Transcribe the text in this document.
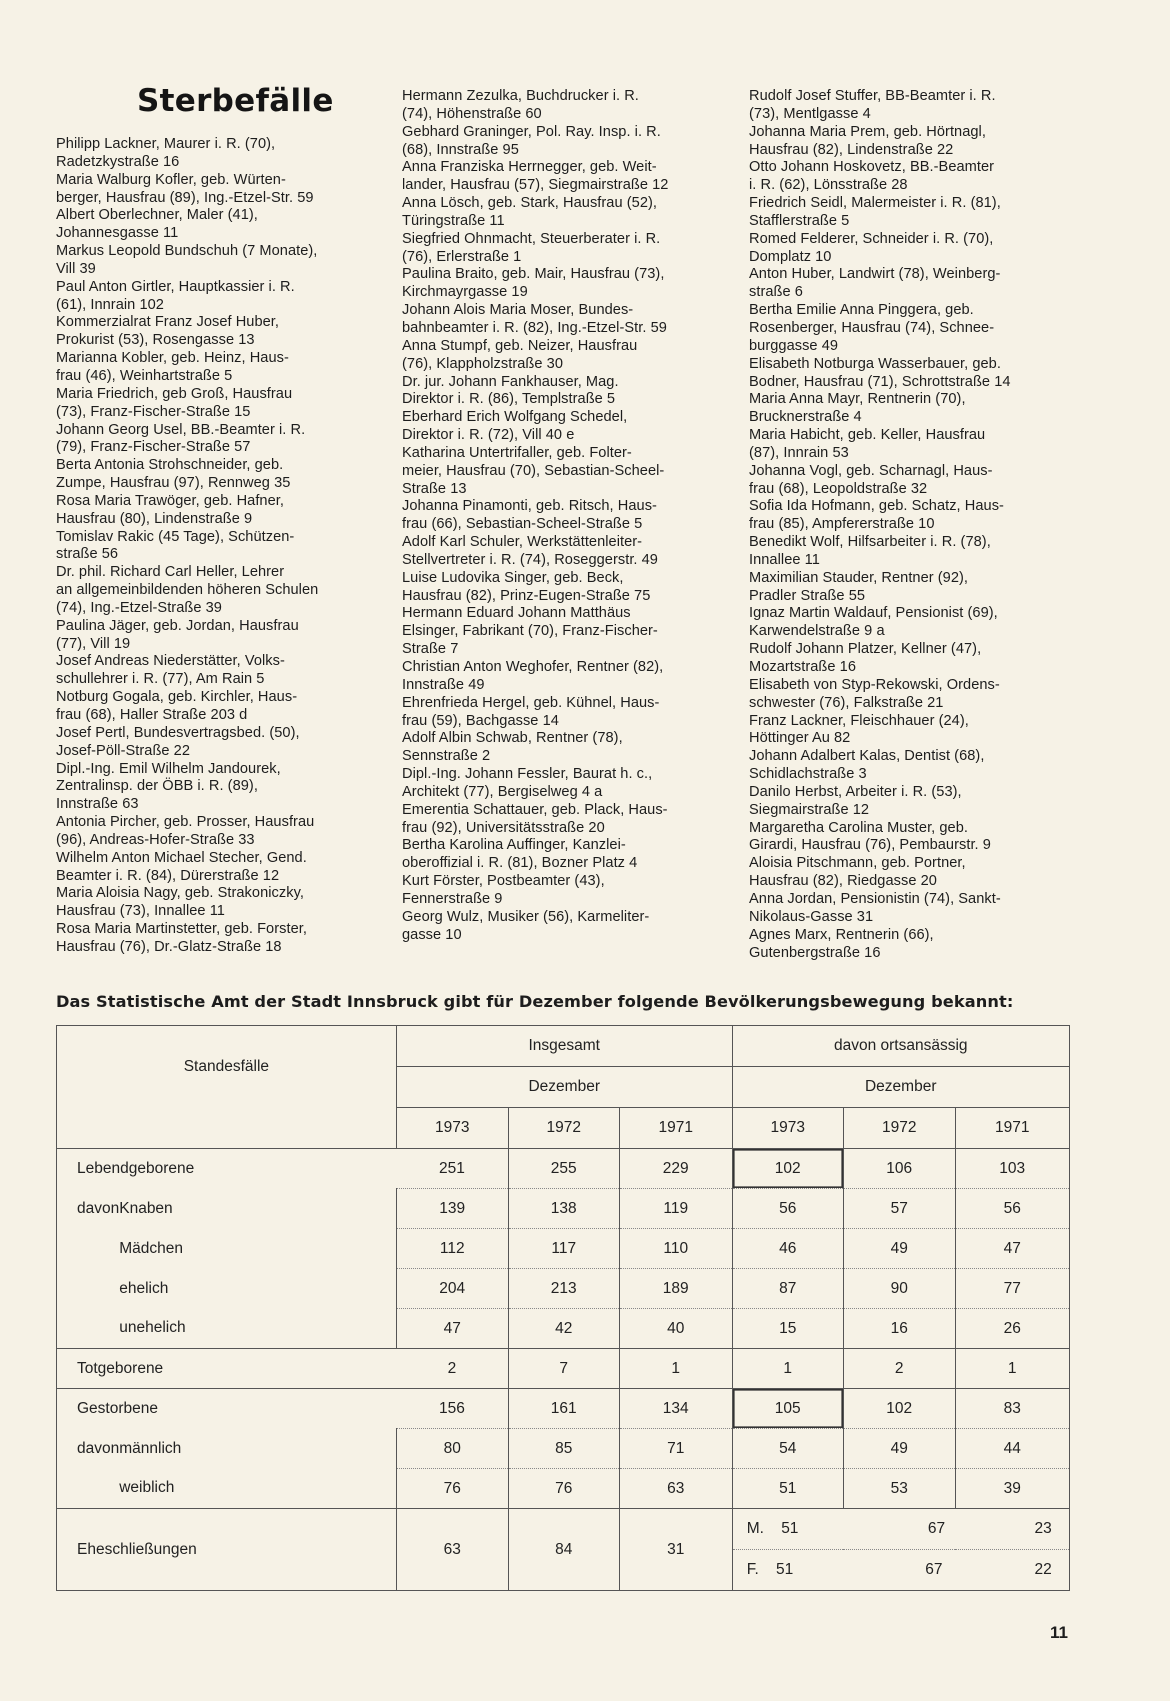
Sterbefälle
Philipp Lackner, Maurer i. R. (70),
Radetzkystraße 16
Maria Walburg Kofler, geb. Würten-
berger, Hausfrau (89), Ing.-Etzel-Str. 59
Albert Oberlechner, Maler (41),
Johannesgasse 11
Markus Leopold Bundschuh (7 Monate),
Vill 39
Paul Anton Girtler, Hauptkassier i. R.
(61), Innrain 102
Kommerzialrat Franz Josef Huber,
Prokurist (53), Rosengasse 13
Marianna Kobler, geb. Heinz, Haus-
frau (46), Weinhartstraße 5
Maria Friedrich, geb Groß, Hausfrau
(73), Franz-Fischer-Straße 15
Johann Georg Usel, BB.-Beamter i. R.
(79), Franz-Fischer-Straße 57
Berta Antonia Strohschneider, geb.
Zumpe, Hausfrau (97), Rennweg 35
Rosa Maria Trawöger, geb. Hafner,
Hausfrau (80), Lindenstraße 9
Tomislav Rakic (45 Tage), Schützen-
straße 56
Dr. phil. Richard Carl Heller, Lehrer
an allgemeinbildenden höheren Schulen
(74), Ing.-Etzel-Straße 39
Paulina Jäger, geb. Jordan, Hausfrau
(77), Vill 19
Josef Andreas Niederstätter, Volks-
schullehrer i. R. (77), Am Rain 5
Notburg Gogala, geb. Kirchler, Haus-
frau (68), Haller Straße 203 d
Josef Pertl, Bundesvertragsbed. (50),
Josef-Pöll-Straße 22
Dipl.-Ing. Emil Wilhelm Jandourek,
Zentralinsp. der ÖBB i. R. (89),
Innstraße 63
Antonia Pircher, geb. Prosser, Hausfrau
(96), Andreas-Hofer-Straße 33
Wilhelm Anton Michael Stecher, Gend.
Beamter i. R. (84), Dürerstraße 12
Maria Aloisia Nagy, geb. Strakoniczky,
Hausfrau (73), Innallee 11
Rosa Maria Martinstetter, geb. Forster,
Hausfrau (76), Dr.-Glatz-Straße 18
Hermann Zezulka, Buchdrucker i. R.
(74), Höhenstraße 60
Gebhard Graninger, Pol. Ray. Insp. i. R.
(68), Innstraße 95
Anna Franziska Herrnegger, geb. Weit-
lander, Hausfrau (57), Siegmairstraße 12
Anna Lösch, geb. Stark, Hausfrau (52),
Türingstraße 11
Siegfried Ohnmacht, Steuerberater i. R.
(76), Erlerstraße 1
Paulina Braito, geb. Mair, Hausfrau (73),
Kirchmayrgasse 19
Johann Alois Maria Moser, Bundes-
bahnbeamter i. R. (82), Ing.-Etzel-Str. 59
Anna Stumpf, geb. Neizer, Hausfrau
(76), Klappholzstraße 30
Dr. jur. Johann Fankhauser, Mag.
Direktor i. R. (86), Templstraße 5
Eberhard Erich Wolfgang Schedel,
Direktor i. R. (72), Vill 40 e
Katharina Untertrifaller, geb. Folter-
meier, Hausfrau (70), Sebastian-Scheel-
Straße 13
Johanna Pinamonti, geb. Ritsch, Haus-
frau (66), Sebastian-Scheel-Straße 5
Adolf Karl Schuler, Werkstättenleiter-
Stellvertreter i. R. (74), Roseggerstr. 49
Luise Ludovika Singer, geb. Beck,
Hausfrau (82), Prinz-Eugen-Straße 75
Hermann Eduard Johann Matthäus
Elsinger, Fabrikant (70), Franz-Fischer-
Straße 7
Christian Anton Weghofer, Rentner (82),
Innstraße 49
Ehrenfrieda Hergel, geb. Kühnel, Haus-
frau (59), Bachgasse 14
Adolf Albin Schwab, Rentner (78),
Sennstraße 2
Dipl.-Ing. Johann Fessler, Baurat h. c.,
Architekt (77), Bergiselweg 4 a
Emerentia Schattauer, geb. Plack, Haus-
frau (92), Universitätsstraße 20
Bertha Karolina Auffinger, Kanzlei-
oberoffizial i. R. (81), Bozner Platz 4
Kurt Förster, Postbeamter (43),
Fennerstraße 9
Georg Wulz, Musiker (56), Karmeliter-
gasse 10
Rudolf Josef Stuffer, BB-Beamter i. R.
(73), Mentlgasse 4
Johanna Maria Prem, geb. Hörtnagl,
Hausfrau (82), Lindenstraße 22
Otto Johann Hoskovetz, BB.-Beamter
i. R. (62), Lönsstraße 28
Friedrich Seidl, Malermeister i. R. (81),
Stafflerstraße 5
Romed Felderer, Schneider i. R. (70),
Domplatz 10
Anton Huber, Landwirt (78), Weinberg-
straße 6
Bertha Emilie Anna Pinggera, geb.
Rosenberger, Hausfrau (74), Schnee-
burggasse 49
Elisabeth Notburga Wasserbauer, geb.
Bodner, Hausfrau (71), Schrottstraße 14
Maria Anna Mayr, Rentnerin (70),
Brucknerstraße 4
Maria Habicht, geb. Keller, Hausfrau
(87), Innrain 53
Johanna Vogl, geb. Scharnagl, Haus-
frau (68), Leopoldstraße 32
Sofia Ida Hofmann, geb. Schatz, Haus-
frau (85), Ampfererstraße 10
Benedikt Wolf, Hilfsarbeiter i. R. (78),
Innallee 11
Maximilian Stauder, Rentner (92),
Pradler Straße 55
Ignaz Martin Waldauf, Pensionist (69),
Karwendelstraße 9 a
Rudolf Johann Platzer, Kellner (47),
Mozartstraße 16
Elisabeth von Styp-Rekowski, Ordens-
schwester (76), Falkstraße 21
Franz Lackner, Fleischhauer (24),
Höttinger Au 82
Johann Adalbert Kalas, Dentist (68),
Schidlachstraße 3
Danilo Herbst, Arbeiter i. R. (53),
Siegmairstraße 12
Margaretha Carolina Muster, geb.
Girardi, Hausfrau (76), Pembaurstr. 9
Aloisia Pitschmann, geb. Portner,
Hausfrau (82), Riedgasse 20
Anna Jordan, Pensionistin (74), Sankt-
Nikolaus-Gasse 31
Agnes Marx, Rentnerin (66),
Gutenbergstraße 16
Das Statistische Amt der Stadt Innsbruck gibt für Dezember folgende Bevölkerungsbewegung bekannt:
Standesfälle		Insgesamt			davon ortsansässig		
		Dezember			Dezember		
		1973	1972	1971	1973	1972	1971
Lebendgeborene		251	255	229	102	106	103
davon	Knaben	139	138	119	56	57	56
	Mädchen	112	117	110	46	49	47
	ehelich	204	213	189	87	90	77
	unehelich	47	42	40	15	16	26
Totgeborene		2	7	1	1	2	1
Gestorbene		156	161	134	105	102	83
davon	männlich	80	85	71	54	49	44
	weiblich	76	76	63	51	53	39
Eheschließungen		63	84	31	M. 51 67 23		

					F. 51 67 22		
11
